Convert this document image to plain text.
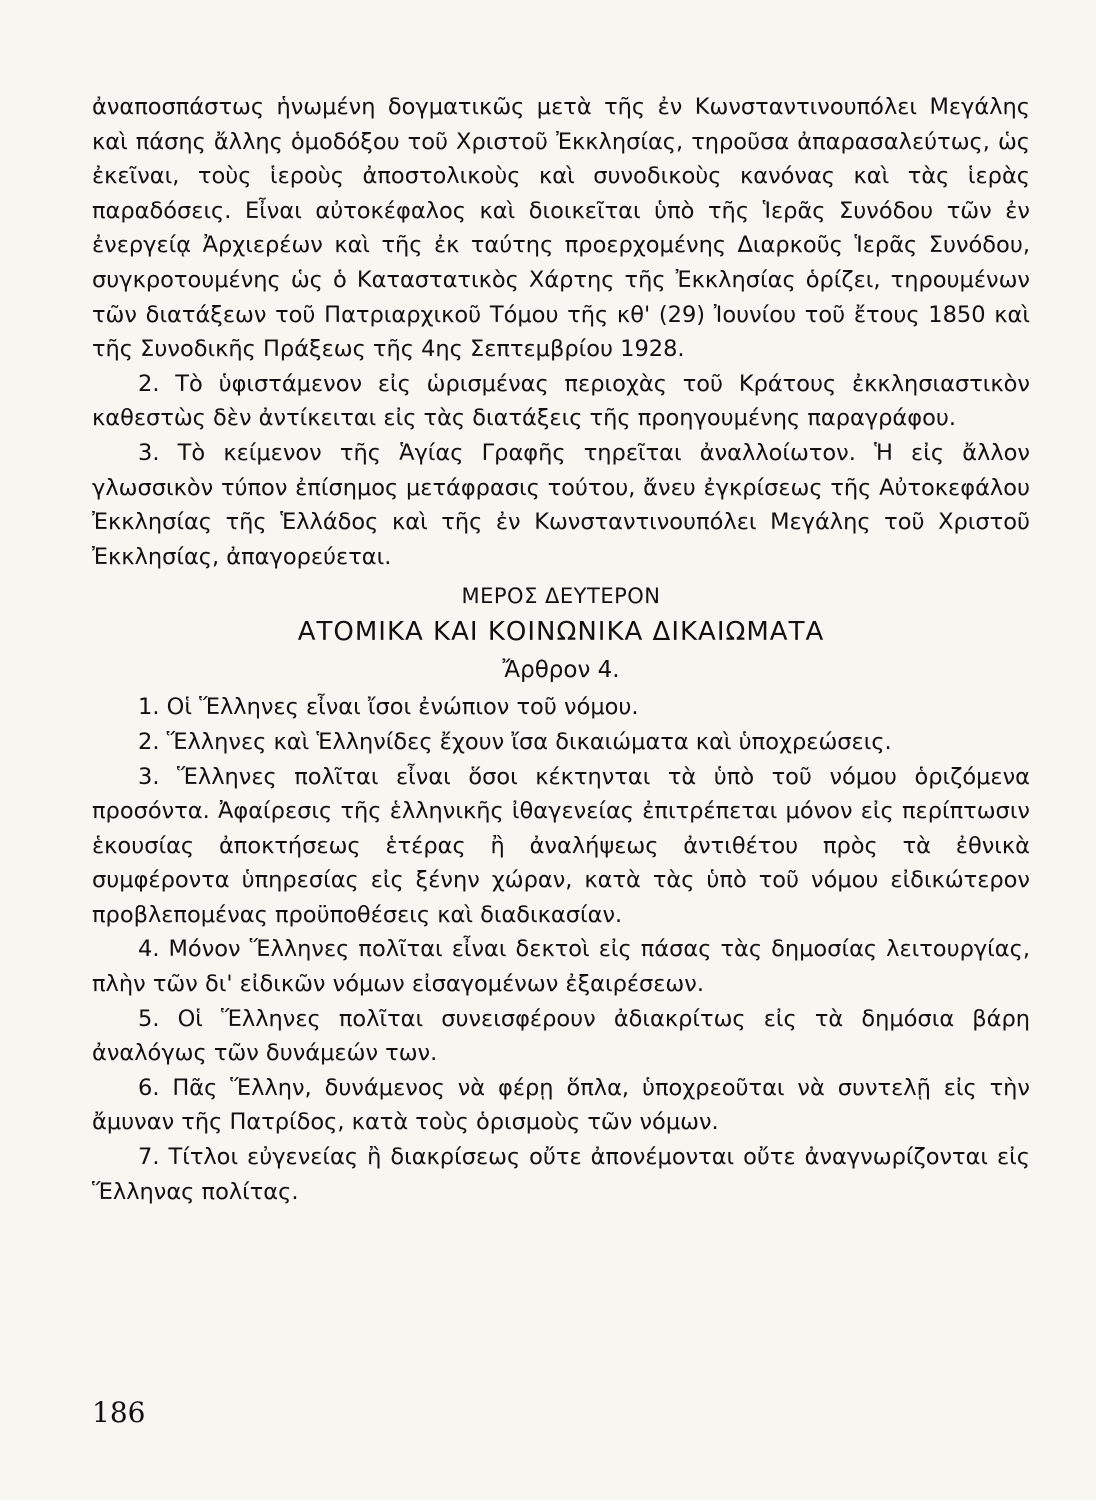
ἀναποσπάστως ἡνωμένη δογματικῶς μετὰ τῆς ἐν Κωνσταντινουπόλει Μεγάλης καὶ πάσης ἄλλης ὁμοδόξου τοῦ Χριστοῦ Ἐκκλησίας, τηροῦσα ἀπαρασαλεύτως, ὡς ἐκεῖναι, τοὺς ἱεροὺς ἀποστολικοὺς καὶ συνοδικοὺς κανόνας καὶ τὰς ἱερὰς παραδόσεις. Εἶναι αὐτοκέφαλος καὶ διοικεῖται ὑπὸ τῆς Ἱερᾶς Συνόδου τῶν ἐν ἐνεργείᾳ Ἀρχιερέων καὶ τῆς ἐκ ταύτης προερχομένης Διαρκοῦς Ἱερᾶς Συνόδου, συγκροτουμένης ὡς ὁ Καταστατικὸς Χάρτης τῆς Ἐκκλησίας ὁρίζει, τηρουμένων τῶν διατάξεων τοῦ Πατριαρχικοῦ Τόμου τῆς κθ' (29) Ἰουνίου τοῦ ἔτους 1850 καὶ τῆς Συνοδικῆς Πράξεως τῆς 4ης Σεπτεμβρίου 1928.

2. Τὸ ὑφιστάμενον εἰς ὡρισμένας περιοχὰς τοῦ Κράτους ἐκκλησιαστικὸν καθεστὼς δὲν ἀντίκειται εἰς τὰς διατάξεις τῆς προηγουμένης παραγράφου.

3. Τὸ κείμενον τῆς Ἁγίας Γραφῆς τηρεῖται ἀναλλοίωτον. Ἡ εἰς ἄλλον γλωσσικὸν τύπον ἐπίσημος μετάφρασις τούτου, ἄνευ ἐγκρίσεως τῆς Αὐτοκεφάλου Ἐκκλησίας τῆς Ἑλλάδος καὶ τῆς ἐν Κωνσταντινουπόλει Μεγάλης τοῦ Χριστοῦ Ἐκκλησίας, ἀπαγορεύεται.

ΜΕΡΟΣ ΔΕΥΤΕΡΟΝ
ΑΤΟΜΙΚΑ ΚΑΙ ΚΟΙΝΩΝΙΚΑ ΔΙΚΑΙΩΜΑΤΑ
Ἄρθρον 4.

1. Οἱ Ἕλληνες εἶναι ἴσοι ἐνώπιον τοῦ νόμου.

2. Ἕλληνες καὶ Ἑλληνίδες ἔχουν ἴσα δικαιώματα καὶ ὑποχρεώσεις.

3. Ἕλληνες πολῖται εἶναι ὅσοι κέκτηνται τὰ ὑπὸ τοῦ νόμου ὁριζόμενα προσόντα. Ἀφαίρεσις τῆς ἑλληνικῆς ἰθαγενείας ἐπιτρέπεται μόνον εἰς περίπτωσιν ἑκουσίας ἀποκτήσεως ἑτέρας ἢ ἀναλήψεως ἀντιθέτου πρὸς τὰ ἐθνικὰ συμφέροντα ὑπηρεσίας εἰς ξένην χώραν, κατὰ τὰς ὑπὸ τοῦ νόμου εἰδικώτερον προβλεπομένας προϋποθέσεις καὶ διαδικασίαν.

4. Μόνον Ἕλληνες πολῖται εἶναι δεκτοὶ εἰς πάσας τὰς δημοσίας λειτουργίας, πλὴν τῶν δι' εἰδικῶν νόμων εἰσαγομένων ἐξαιρέσεων.

5. Οἱ Ἕλληνες πολῖται συνεισφέρουν ἀδιακρίτως εἰς τὰ δημόσια βάρη ἀναλόγως τῶν δυνάμεών των.

6. Πᾶς Ἕλλην, δυνάμενος νὰ φέρῃ ὅπλα, ὑποχρεοῦται νὰ συντελῇ εἰς τὴν ἄμυναν τῆς Πατρίδος, κατὰ τοὺς ὁρισμοὺς τῶν νόμων.

7. Τίτλοι εὐγενείας ἢ διακρίσεως οὔτε ἀπονέμονται οὔτε ἀναγνωρίζονται εἰς Ἕλληνας πολίτας.

186
